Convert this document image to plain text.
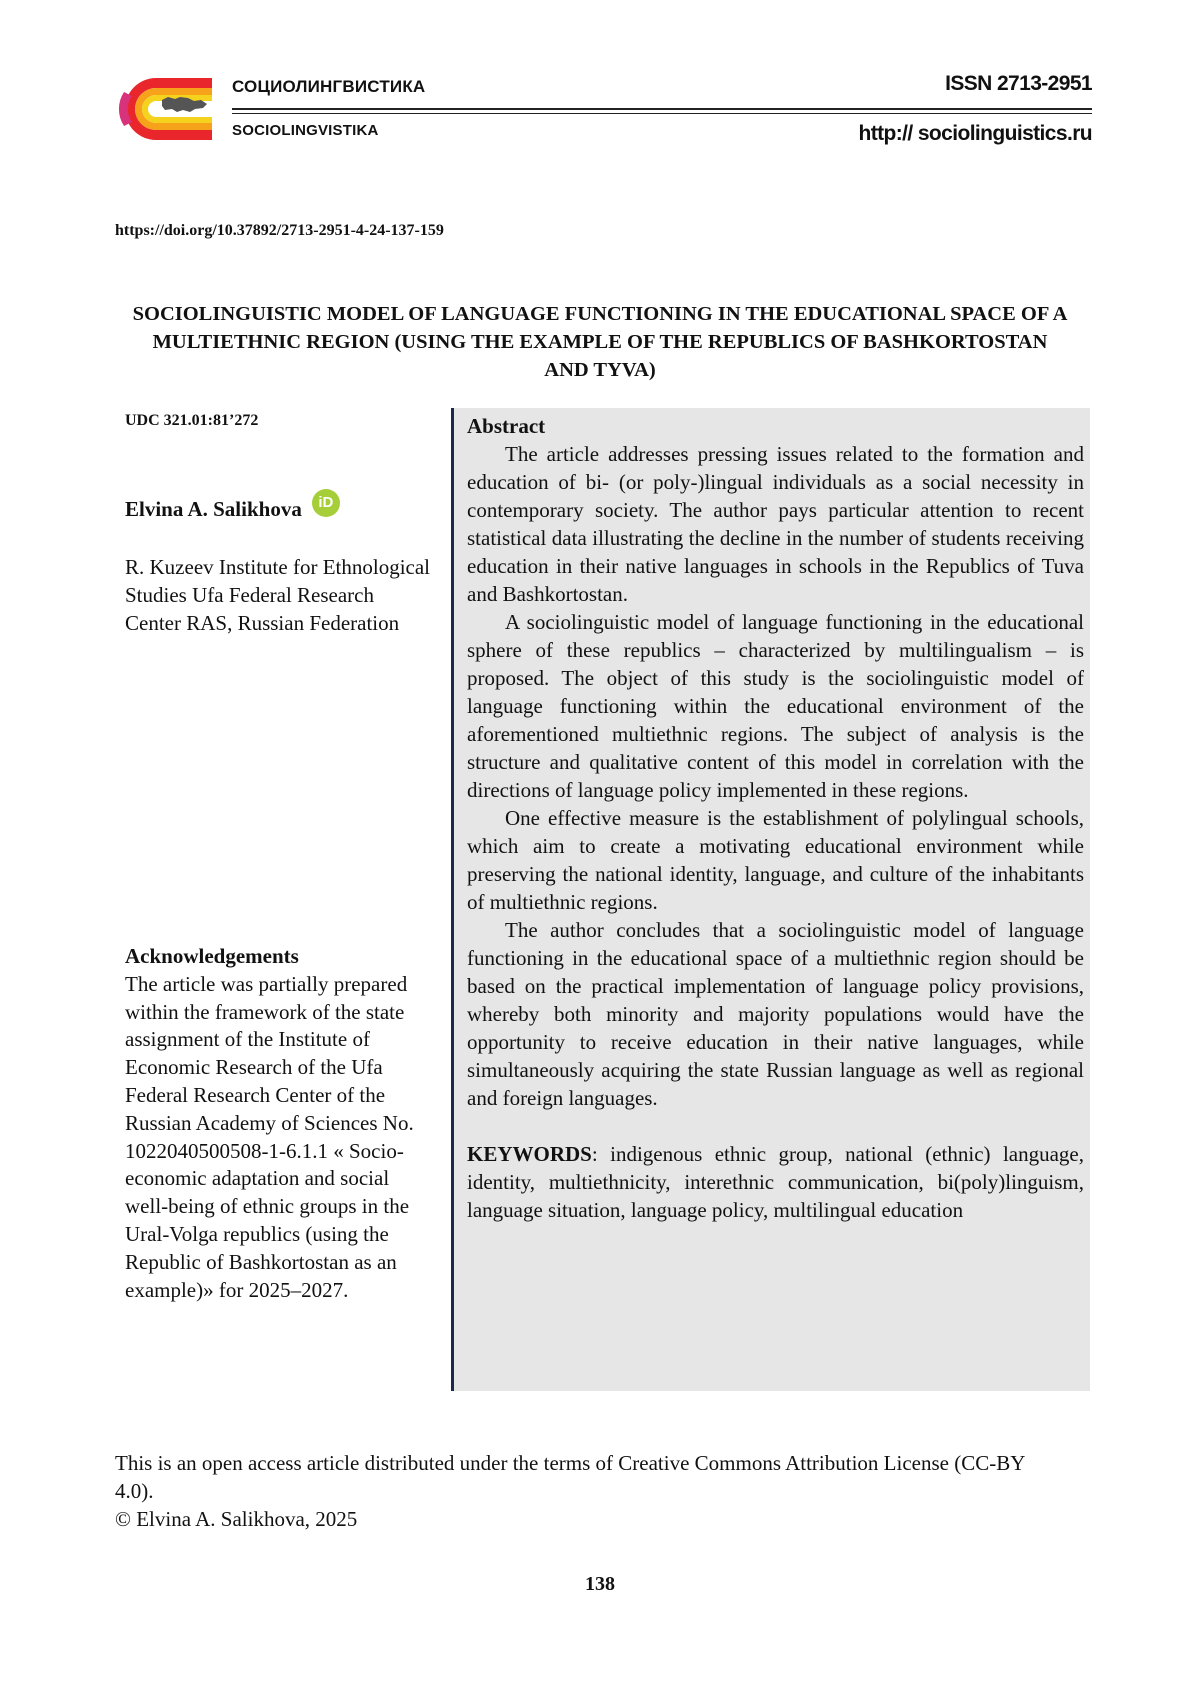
СОЦИОЛИНГВИСТИКА
SOCIOLINGVISTIKA
ISSN 2713-2951
http:// sociolinguistics.ru
https://doi.org/10.37892/2713-2951-4-24-137-159
SOCIOLINGUISTIC MODEL OF LANGUAGE FUNCTIONING IN THE EDUCATIONAL SPACE OF A MULTIETHNIC REGION (USING THE EXAMPLE OF THE REPUBLICS OF BASHKORTOSTAN AND TYVA)
UDC 321.01:81’272
Elvina A. Salikhova	iD
R. Kuzeev Institute for Ethnological Studies Ufa Federal Research Center RAS, Russian Federation
Acknowledgements
The article was partially prepared within the framework of the state assignment of the Institute of Economic Research of the Ufa Federal Research Center of the Russian Academy of Sciences No. 1022040500508-1-6.1.1 « Socio-economic adaptation and social well-being of ethnic groups in the Ural-Volga republics (using the Republic of Bashkortostan as an example)» for 2025–2027.
Abstract

The article addresses pressing issues related to the formation and education of bi- (or poly-)lingual individuals as a social necessity in contemporary society. The author pays particular attention to recent statistical data illustrating the decline in the number of students receiving education in their native languages in schools in the Republics of Tuva and Bashkortostan.

A sociolinguistic model of language functioning in the educational sphere of these republics – characterized by multilingualism – is proposed. The object of this study is the sociolinguistic model of language functioning within the educational environment of the aforementioned multiethnic regions. The subject of analysis is the structure and qualitative content of this model in correlation with the directions of language policy implemented in these regions.

One effective measure is the establishment of polylingual schools, which aim to create a motivating educational environment while preserving the national identity, language, and culture of the inhabitants of multiethnic regions.

The author concludes that a sociolinguistic model of language functioning in the educational space of a multiethnic region should be based on the practical implementation of language policy provisions, whereby both minority and majority populations would have the opportunity to receive education in their native languages, while simultaneously acquiring the state Russian language as well as regional and foreign languages.

KEYWORDS: indigenous ethnic group, national (ethnic) language, identity, multiethnicity, interethnic communication, bi(poly)linguism, language situation, language policy, multilingual education
This is an open access article distributed under the terms of Creative Commons Attribution License (CC-BY 4.0).
© Elvina A. Salikhova, 2025
138
